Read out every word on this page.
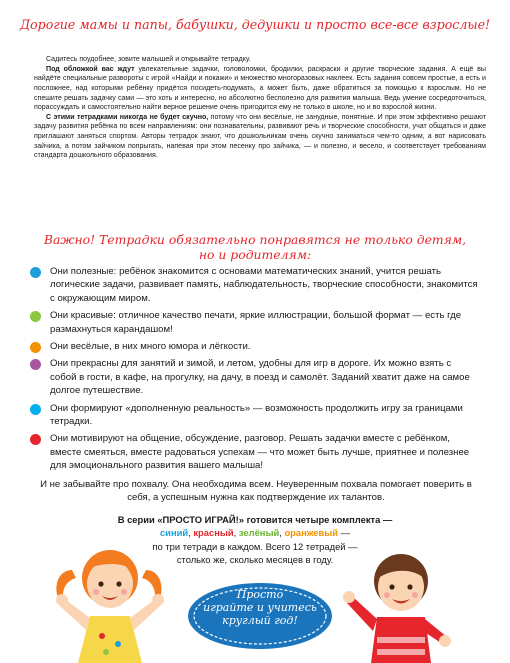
Дорогие мамы и папы, бабушки, дедушки и просто все-все взрослые!

Садитесь поудобнее, зовите малышей и открывайте тетрадку.

Под обложкой вас ждут увлекательные задачки, головоломки, бродилки, раскраски и другие творческие задания. А ещё вы найдёте специальные развороты с игрой «Найди и покажи» и множество многоразовых наклеек. Есть задания совсем простые, а есть и посложнее, над которыми ребёнку придётся посидеть-подумать, а может быть, даже обратиться за помощью к взрослым. Но не спешите решать задачку сами — это хоть и интересно, но абсолютно бесполезно для развития малыша. Ведь умение сосредоточиться, порассуждать и самостоятельно найти верное решение очень пригодится ему не только в школе, но и во взрослой жизни.

С этими тетрадками никогда не будет скучно, потому что они весёлые, не занудные, понятные. И при этом эффективно решают задачу развития ребёнка по всем направлениям: они познавательны, развивают речь и творческие способности, учат общаться и даже приглашают заняться спортом. Авторы тетрадок знают, что дошкольникам очень скучно заниматься чем-то одним, а вот нарисовать зайчика, а потом зайчиком попрыгать, напевая при этом песенку про зайчика, — и полезно, и весело, и соответствует требованиям стандарта дошкольного образования.

Важно! Тетрадки обязательно понравятся не только детям,
но и родителям:
Они полезные: ребёнок знакомится с основами математических знаний, учится решать логические задачи, развивает память, наблюдательность, творческие способности, знакомится с окружающим миром.
Они красивые: отличное качество печати, яркие иллюстрации, большой формат — есть где размахнуться карандашом!
Они весёлые, в них много юмора и лёгкости.
Они прекрасны для занятий и зимой, и летом, удобны для игр в дороге. Их можно взять с собой в гости, в кафе, на прогулку, на дачу, в поезд и самолёт. Заданий хватит даже на самое долгое путешествие.
Они формируют «дополненную реальность» — возможность продолжить игру за границами тетрадки.
Они мотивируют на общение, обсуждение, разговор. Решать задачки вместе с ребёнком, вместе смеяться, вместе радоваться успехам — что может быть лучше, приятнее и полезнее для эмоционального развития вашего малыша!
И не забывайте про похвалу. Она необходима всем. Неуверенным похвала помогает поверить в себя, а успешным нужна как подтверждение их талантов.
В серии «ПРОСТО ИГРАЙ!» готовится четыре комплекта —
синий, красный, зелёный, оранжевый —
по три тетради в каждом. Всего 12 тетрадей —
столько же, сколько месяцев в году.
Просто
играйте и учитесь
круглый год!
